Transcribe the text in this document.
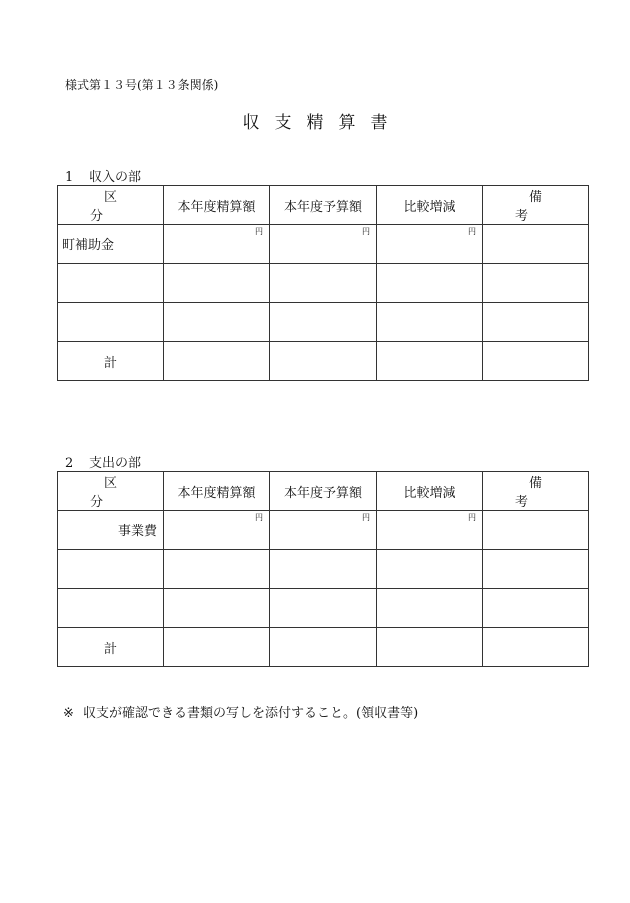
様式第１３号(第１３条関係)
収支精算書
1 収入の部
区分	本年度精算額	本年度予算額	比較増減	備考

町補助金	円	円	円	

計				
2 支出の部
区分	本年度精算額	本年度予算額	比較増減	備考

事業費	円	円	円	

計				
※ 収支が確認できる書類の写しを添付すること。(領収書等)
